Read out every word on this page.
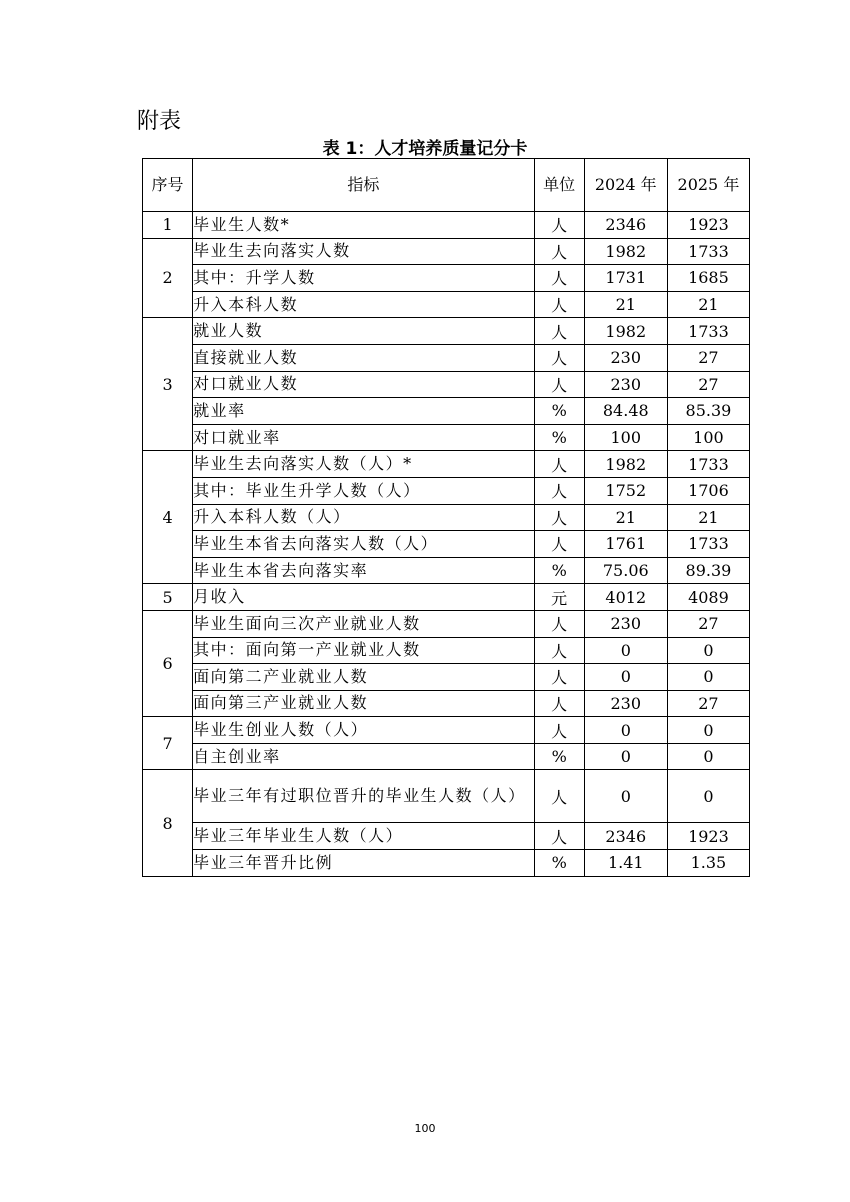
附表
表 1：人才培养质量记分卡
序号	指标	单位	2024 年	2025 年
1	毕业生人数*	人	2346	1923
2	毕业生去向落实人数	人	1982	1733
	其中：升学人数	人	1731	1685
	升入本科人数	人	21	21
3	就业人数	人	1982	1733
	直接就业人数	人	230	27
	对口就业人数	人	230	27
	就业率	%	84.48	85.39
	对口就业率	%	100	100
4	毕业生去向落实人数（人）*	人	1982	1733
	其中：毕业生升学人数（人）	人	1752	1706
	升入本科人数（人）	人	21	21
	毕业生本省去向落实人数（人）	人	1761	1733
	毕业生本省去向落实率	%	75.06	89.39
5	月收入	元	4012	4089
6	毕业生面向三次产业就业人数	人	230	27
	其中：面向第一产业就业人数	人	0	0
	面向第二产业就业人数	人	0	0
	面向第三产业就业人数	人	230	27
7	毕业生创业人数（人）	人	0	0
	自主创业率	%	0	0
8	毕业三年有过职位晋升的毕业生人数（人）	人	0	0
	毕业三年毕业生人数（人）	人	2346	1923
	毕业三年晋升比例	%	1.41	1.35
100
